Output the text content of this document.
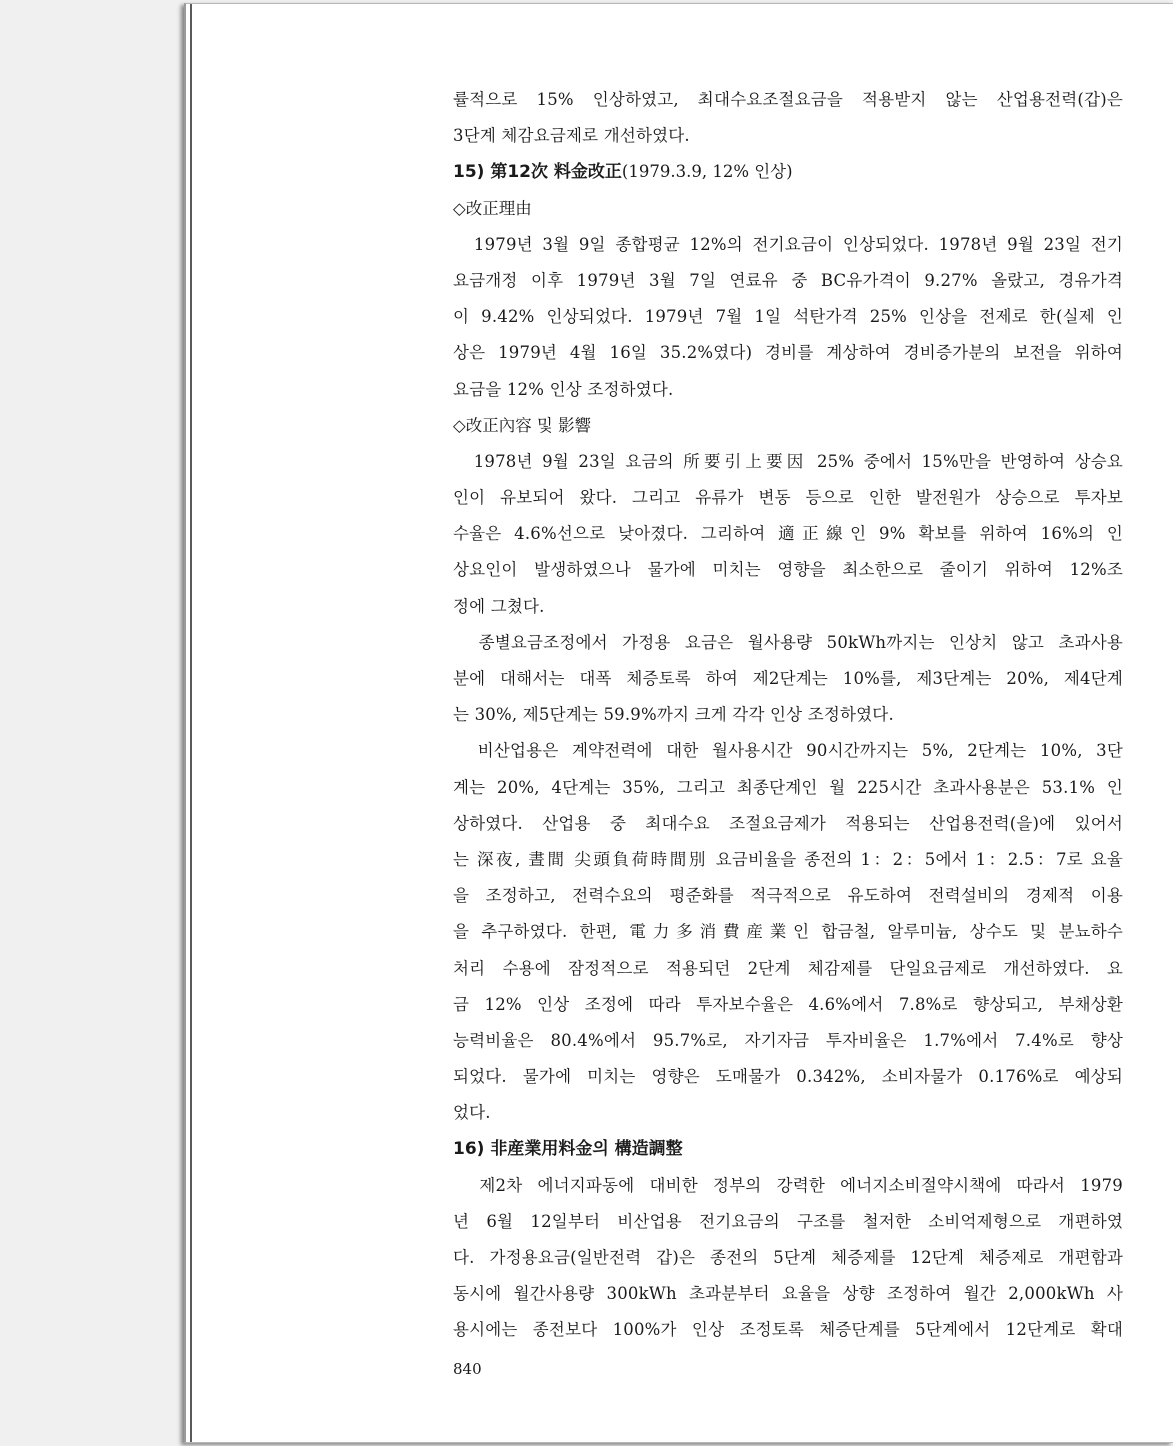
률적으로 15% 인상하였고, 최대수요조절요금을 적용받지 않는 산업용전력(갑)은
3단계 체감요금제로 개선하였다.
15) 第12次 料金改正(1979.3.9, 12% 인상)
◇改正理由
　1979년 3월 9일 종합평균 12%의 전기요금이 인상되었다. 1978년 9월 23일 전기
요금개정 이후 1979년 3월 7일 연료유 중 BC유가격이 9.27% 올랐고, 경유가격
이 9.42% 인상되었다. 1979년 7월 1일 석탄가격 25% 인상을 전제로 한(실제 인
상은 1979년 4월 16일 35.2%였다) 경비를 계상하여 경비증가분의 보전을 위하여
요금을 12% 인상 조정하였다.
◇改正內容 및 影響
　1978년 9월 23일 요금의 所要引上要因 25% 중에서 15%만을 반영하여 상승요
인이 유보되어 왔다. 그리고 유류가 변동 등으로 인한 발전원가 상승으로 투자보
수율은 4.6%선으로 낮아졌다. 그리하여 適正線인 9% 확보를 위하여 16%의 인
상요인이 발생하였으나 물가에 미치는 영향을 최소한으로 줄이기 위하여 12%조
정에 그쳤다.
　종별요금조정에서 가정용 요금은 월사용량 50kWh까지는 인상치 않고 초과사용
분에 대해서는 대폭 체증토록 하여 제2단계는 10%를, 제3단계는 20%, 제4단계
는 30%, 제5단계는 59.9%까지 크게 각각 인상 조정하였다.
　비산업용은 계약전력에 대한 월사용시간 90시간까지는 5%, 2단계는 10%, 3단
계는 20%, 4단계는 35%, 그리고 최종단계인 월 225시간 초과사용분은 53.1% 인
상하였다. 산업용 중 최대수요 조절요금제가 적용되는 산업용전력(을)에 있어서
는 深夜, 晝間 尖頭負荷時間別 요금비율을 종전의 1：2：5에서 1：2.5：7로 요율
을 조정하고, 전력수요의 평준화를 적극적으로 유도하여 전력설비의 경제적 이용
을 추구하였다. 한편, 電力多消費産業인 합금철, 알루미늄, 상수도 및 분뇨하수
처리 수용에 잠정적으로 적용되던 2단계 체감제를 단일요금제로 개선하였다. 요
금 12% 인상 조정에 따라 투자보수율은 4.6%에서 7.8%로 향상되고, 부채상환
능력비율은 80.4%에서 95.7%로, 자기자금 투자비율은 1.7%에서 7.4%로 향상
되었다. 물가에 미치는 영향은 도매물가 0.342%, 소비자물가 0.176%로 예상되
었다.
16) 非産業用料金의 構造調整
　제2차 에너지파동에 대비한 정부의 강력한 에너지소비절약시책에 따라서 1979
년 6월 12일부터 비산업용 전기요금의 구조를 철저한 소비억제형으로 개편하였
다. 가정용요금(일반전력 갑)은 종전의 5단계 체증제를 12단계 체증제로 개편함과
동시에 월간사용량 300kWh 초과분부터 요율을 상향 조정하여 월간 2,000kWh 사
용시에는 종전보다 100%가 인상 조정토록 체증단계를 5단계에서 12단계로 확대
840
